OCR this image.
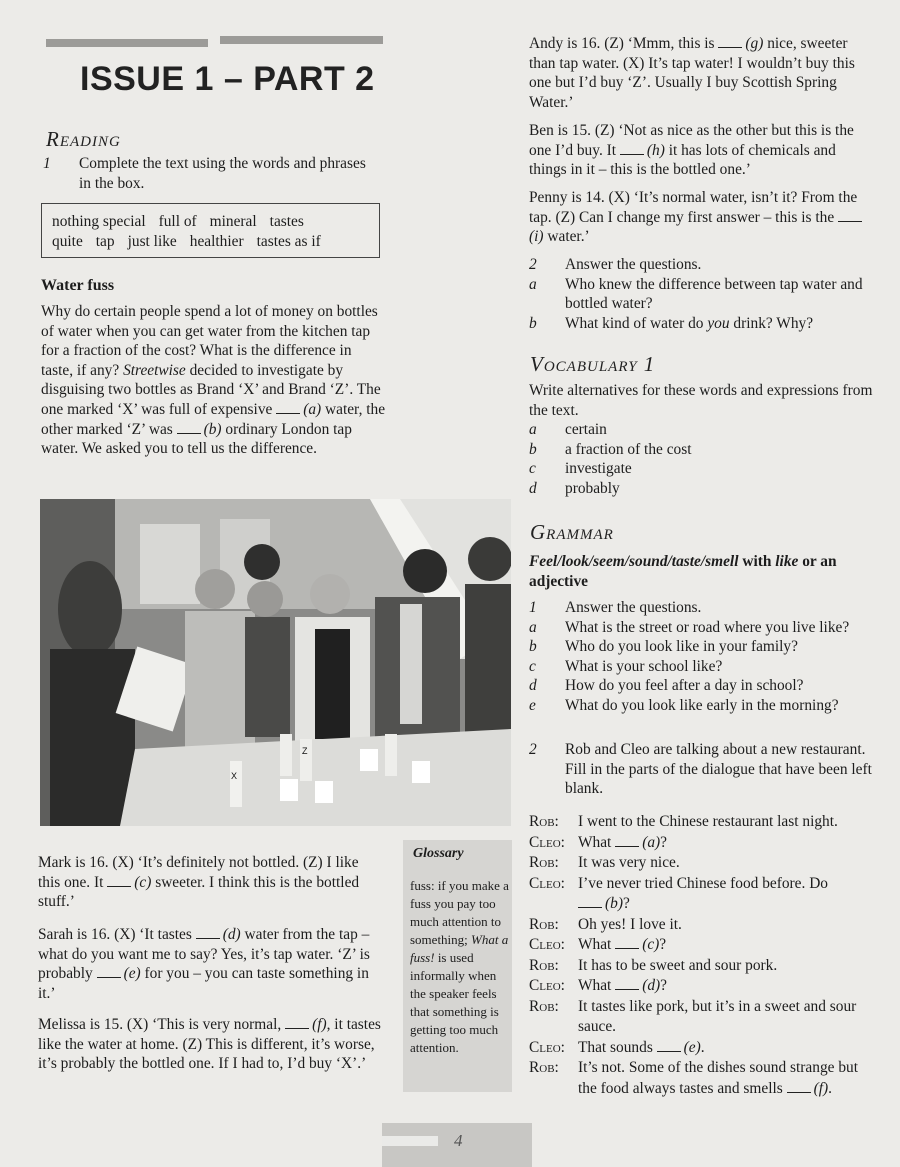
ISSUE 1 – PART 2
Reading
1	Complete the text using the words and phrases in the box.
nothing special full of mineral tastes
quite tap just like healthier tastes as if
Water fuss
Why do certain people spend a lot of money on bottles of water when you can get water from the kitchen tap for a fraction of the cost? What is the difference in taste, if any? Streetwise decided to investigate by disguising two bottles as Brand ‘X’ and Brand ‘Z’. The one marked ‘X’ was full of expensive (a) water, the other marked ‘Z’ was (b) ordinary London tap water. We asked you to tell us the difference.
X
Z
Mark is 16. (X) ‘It’s definitely not bottled. (Z) I like this one. It (c) sweeter. I think this is the bottled stuff.’
Sarah is 16. (X) ‘It tastes (d) water from the tap – what do you want me to say? Yes, it’s tap water. ‘Z’ is probably (e) for you – you can taste something in it.’
Melissa is 15. (X) ‘This is very normal, (f), it tastes like the water at home. (Z) This is different, it’s worse, it’s probably the bottled one. If I had to, I’d buy ‘X’.’
Glossary
fuss: if you make a fuss you pay too much attention to something; What a fuss! is used informally when the speaker feels that something is getting too much attention.
Andy is 16. (Z) ‘Mmm, this is (g) nice, sweeter than tap water. (X) It’s tap water! I wouldn’t buy this one but I’d buy ‘Z’. Usually I buy Scottish Spring Water.’
Ben is 15. (Z) ‘Not as nice as the other but this is the one I’d buy. It (h) it has lots of chemicals and things in it – this is the bottled one.’
Penny is 14. (X) ‘It’s normal water, isn’t it? From the tap. (Z) Can I change my first answer – this is the (i) water.’
2	Answer the questions.
a	Who knew the difference between tap water and bottled water?
b	What kind of water do you drink? Why?
Vocabulary 1
Write alternatives for these words and expressions from the text.
a	certain
b	a fraction of the cost
c	investigate
d	probably
Grammar
Feel/look/seem/sound/taste/smell with like or an adjective
1	Answer the questions.
a	What is the street or road where you live like?
b	Who do you look like in your family?
c	What is your school like?
d	How do you feel after a day in school?
e	What do you look like early in the morning?
2	Rob and Cleo are talking about a new restaurant. Fill in the parts of the dialogue that have been left blank.
Rob:	I went to the Chinese restaurant last night.
Cleo: What (a)?
Rob:	It was very nice.
Cleo: I’ve never tried Chinese food before. Do
(b)?
Rob:	Oh yes! I love it.
Cleo: What (c)?
Rob:	It has to be sweet and sour pork.
Cleo: What (d)?
Rob:	It tastes like pork, but it’s in a sweet and sour sauce.
Cleo: That sounds (e).
Rob:	It’s not. Some of the dishes sound strange but the food always tastes and smells (f).
4
